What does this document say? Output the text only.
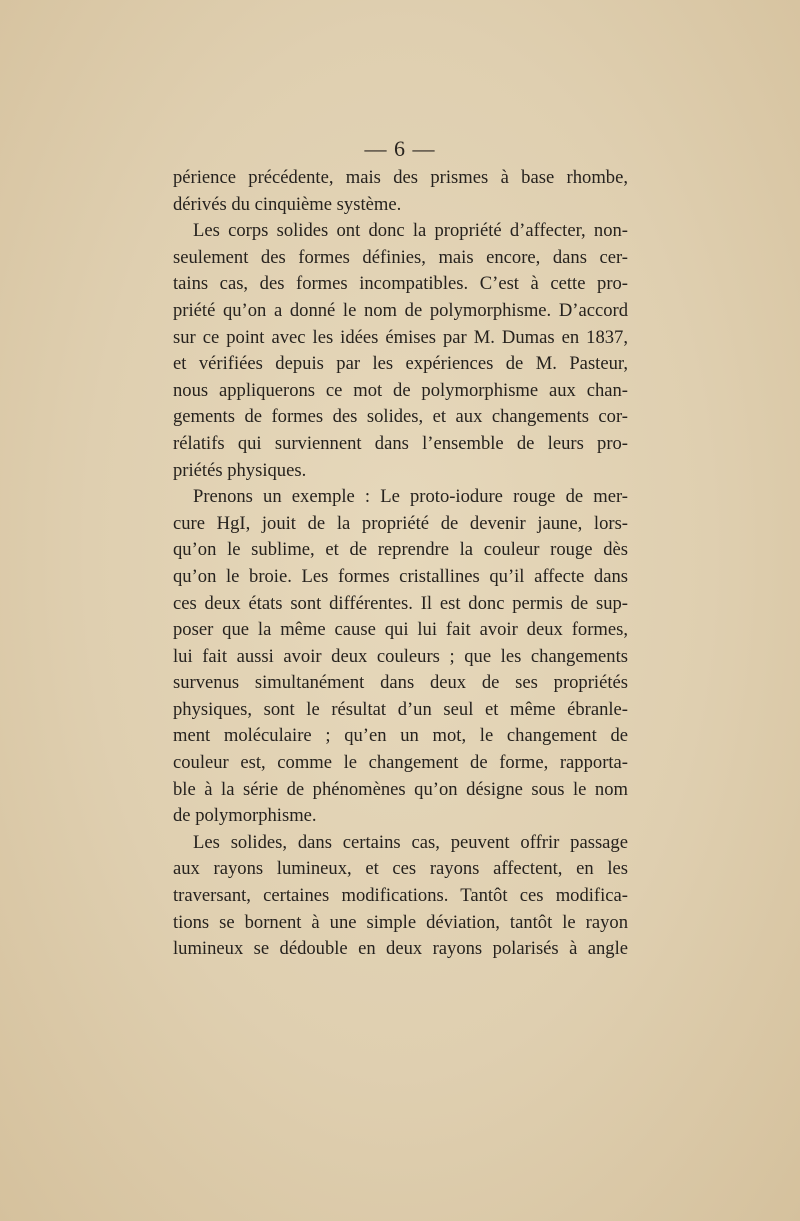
— 6 —
périence précédente, mais des prismes à base rhombe,
dérivés du cinquième système.
Les corps solides ont donc la propriété d’affecter, non-
seulement des formes définies, mais encore, dans cer-
tains cas, des formes incompatibles. C’est à cette pro-
priété qu’on a donné le nom de polymorphisme. D’accord
sur ce point avec les idées émises par M. Dumas en 1837,
et vérifiées depuis par les expériences de M. Pasteur,
nous appliquerons ce mot de polymorphisme aux chan-
gements de formes des solides, et aux changements cor-
rélatifs qui surviennent dans l’ensemble de leurs pro-
priétés physiques.
Prenons un exemple : Le proto-iodure rouge de mer-
cure HgI, jouit de la propriété de devenir jaune, lors-
qu’on le sublime, et de reprendre la couleur rouge dès
qu’on le broie. Les formes cristallines qu’il affecte dans
ces deux états sont différentes. Il est donc permis de sup-
poser que la même cause qui lui fait avoir deux formes,
lui fait aussi avoir deux couleurs ; que les changements
survenus simultanément dans deux de ses propriétés
physiques, sont le résultat d’un seul et même ébranle-
ment moléculaire ; qu’en un mot, le changement de
couleur est, comme le changement de forme, rapporta-
ble à la série de phénomènes qu’on désigne sous le nom
de polymorphisme.
Les solides, dans certains cas, peuvent offrir passage
aux rayons lumineux, et ces rayons affectent, en les
traversant, certaines modifications. Tantôt ces modifica-
tions se bornent à une simple déviation, tantôt le rayon
lumineux se dédouble en deux rayons polarisés à angle
